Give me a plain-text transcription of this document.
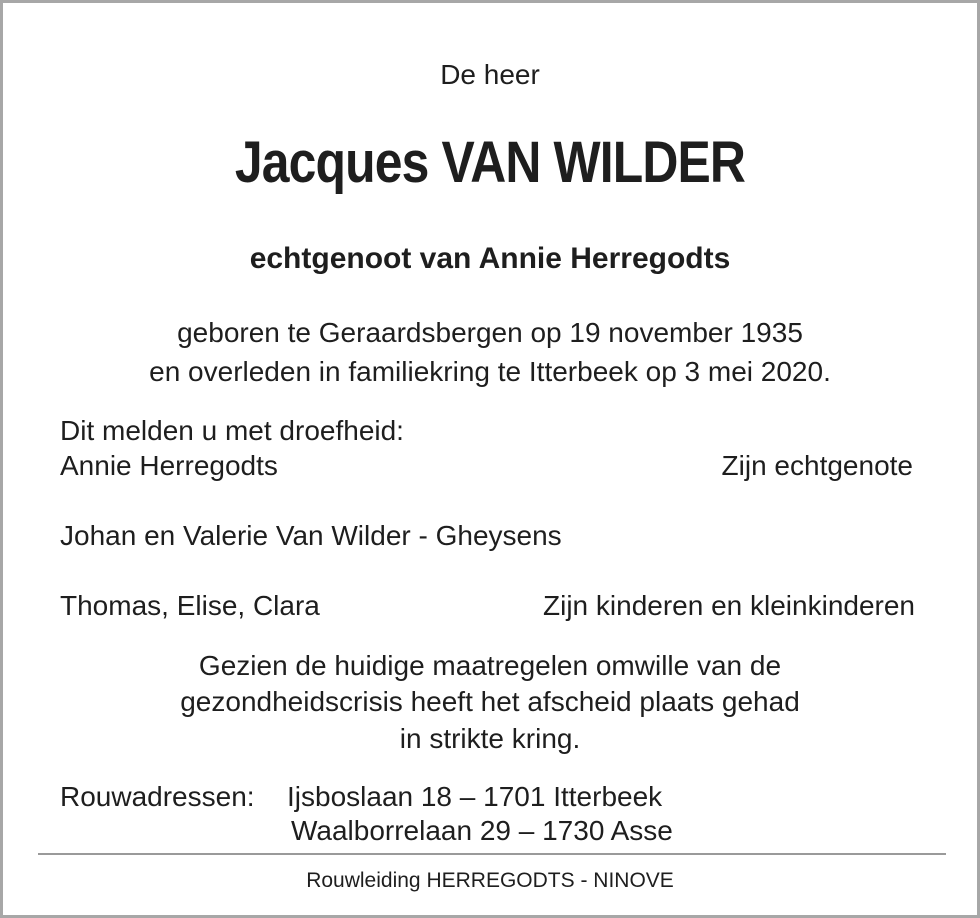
De heer
Jacques VAN WILDER
echtgenoot van Annie Herregodts
geboren te Geraardsbergen op 19 november 1935
en overleden in familiekring te Itterbeek op 3 mei 2020.
Dit melden u met droefheid:
Annie Herregodts	Zijn echtgenote
Johan en Valerie Van Wilder - Gheysens
Thomas, Elise, Clara	Zijn kinderen en kleinkinderen
Gezien de huidige maatregelen omwille van de
gezondheidscrisis heeft het afscheid plaats gehad
in strikte kring.
Rouwadressen: Ijsboslaan 18 – 1701 Itterbeek
Waalborrelaan 29 – 1730 Asse
Rouwleiding HERREGODTS - NINOVE
